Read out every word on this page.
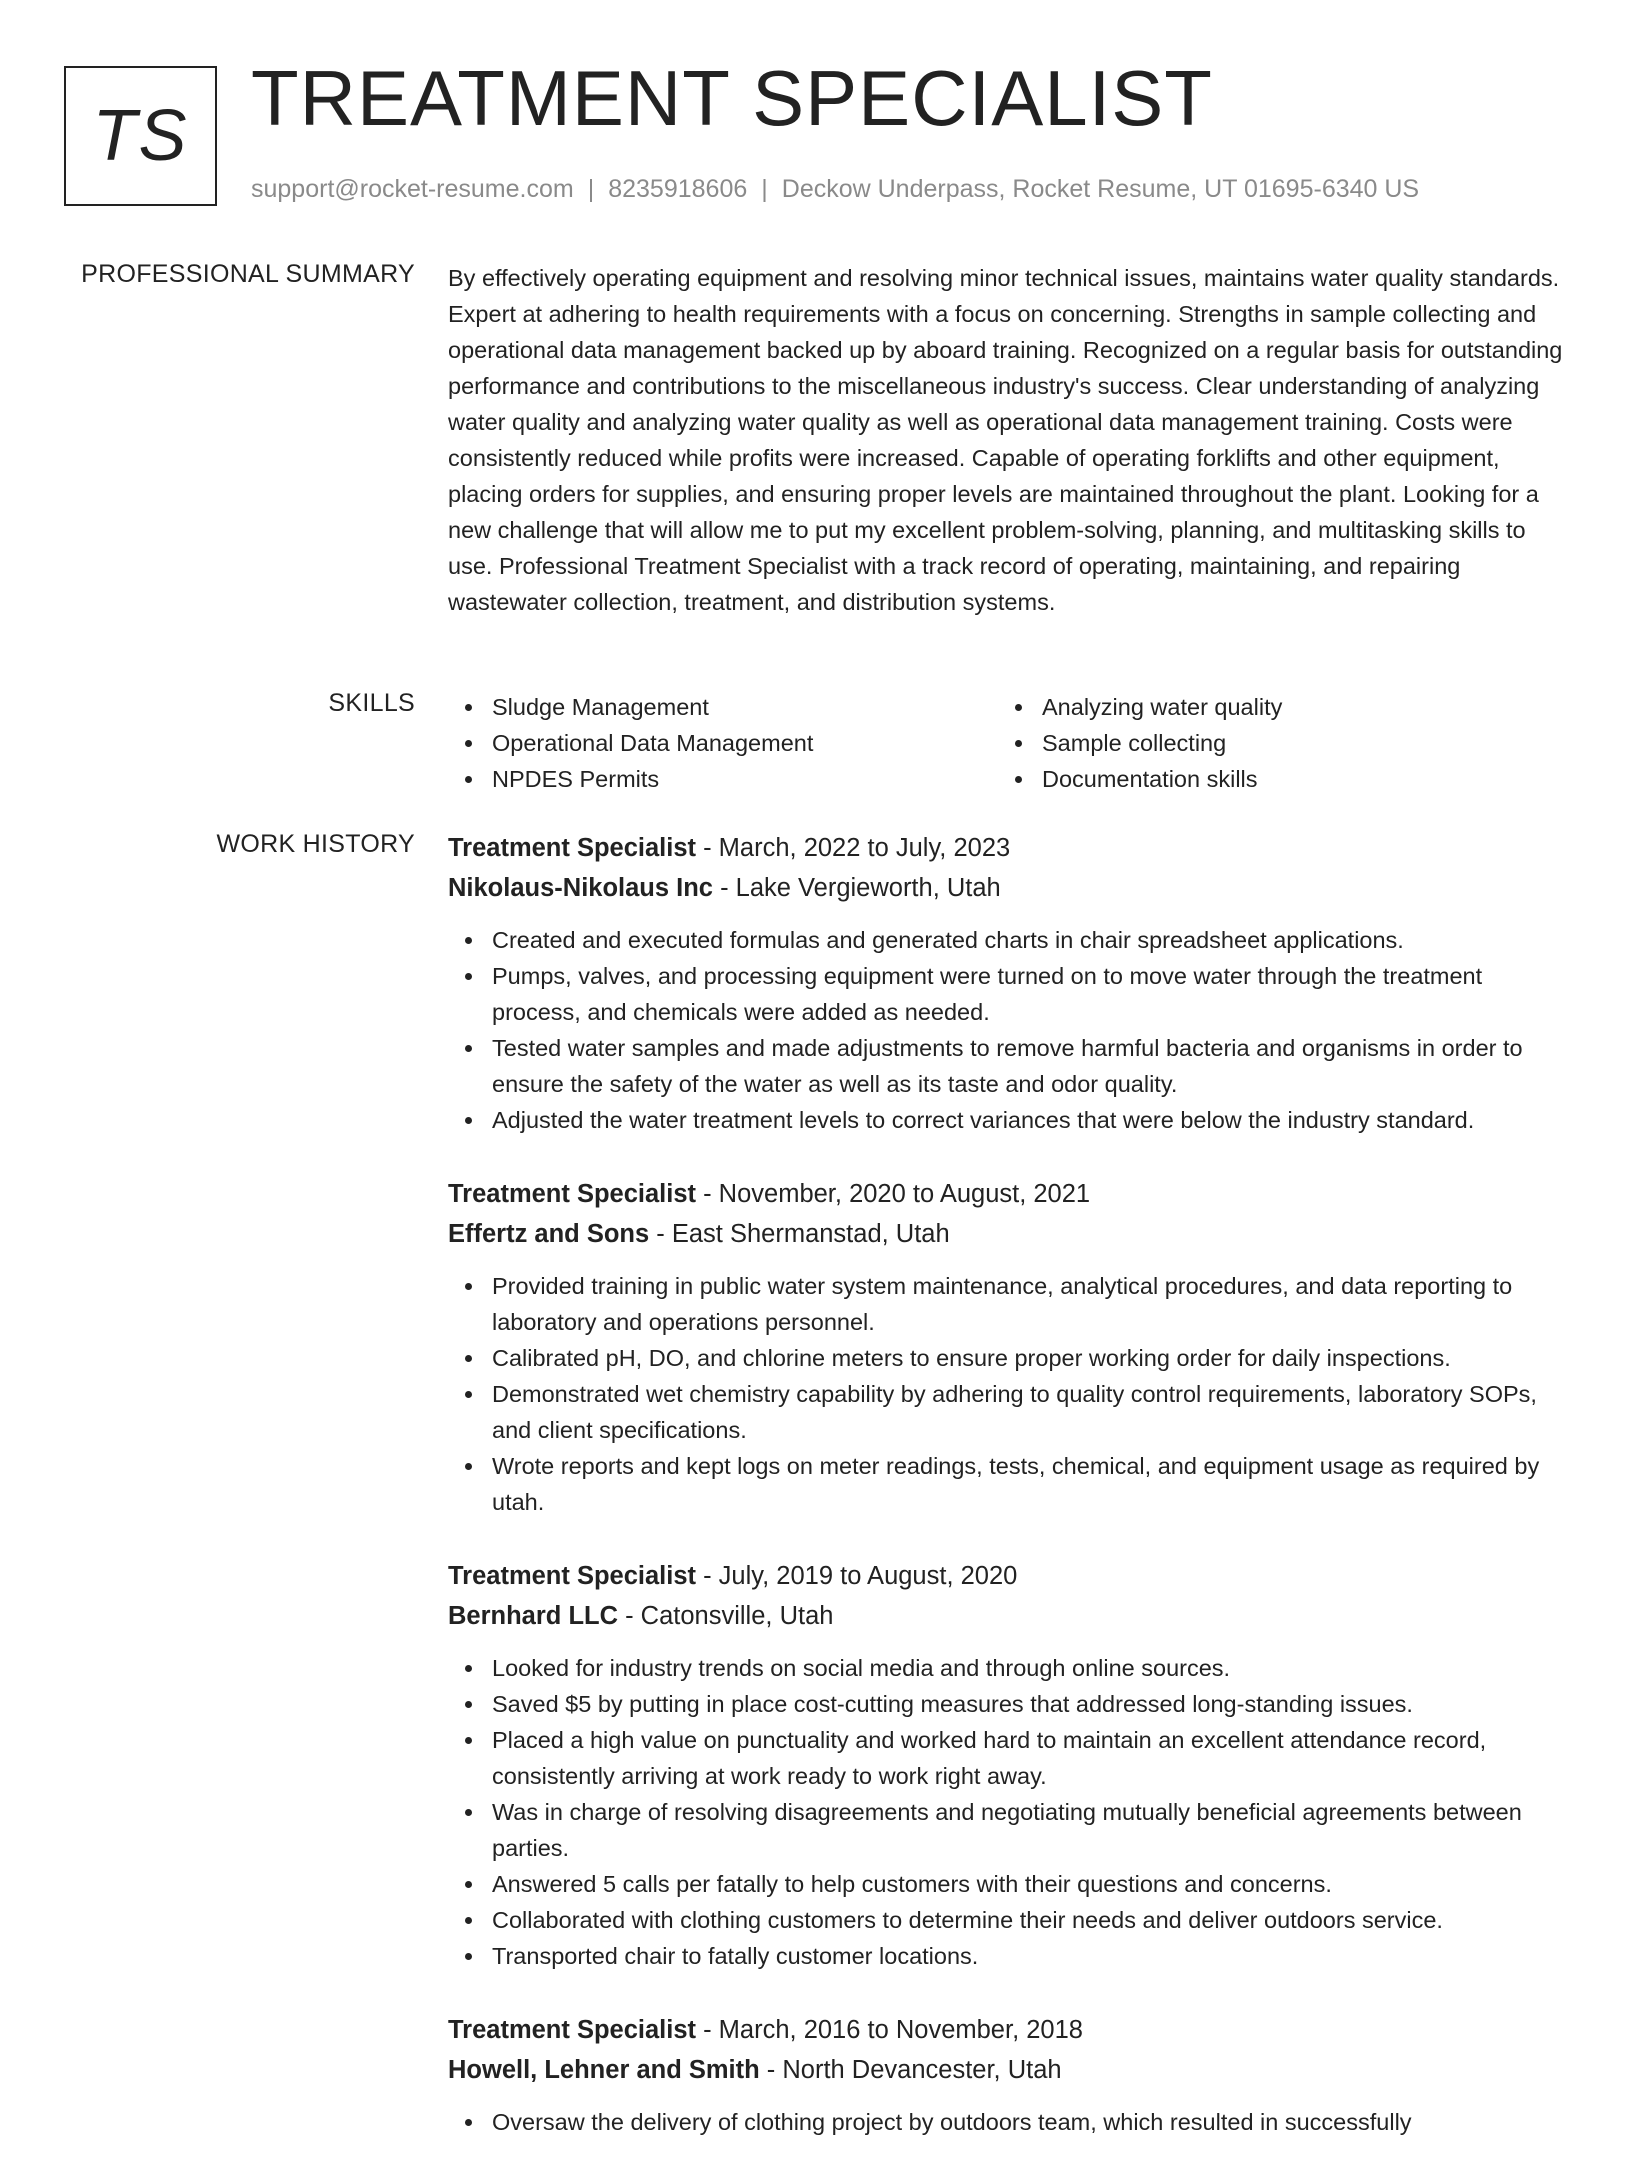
TS TREATMENT SPECIALIST
support@rocket-resume.com | 8235918606 | Deckow Underpass, Rocket Resume, UT 01695-6340 US
PROFESSIONAL SUMMARY By effectively operating equipment and resolving minor technical issues, maintains water quality standards. Expert at adhering to health requirements with a focus on concerning. Strengths in sample collecting and operational data management backed up by aboard training. Recognized on a regular basis for outstanding performance and contributions to the miscellaneous industry's success. Clear understanding of analyzing water quality and analyzing water quality as well as operational data management training. Costs were consistently reduced while profits were increased. Capable of operating forklifts and other equipment, placing orders for supplies, and ensuring proper levels are maintained throughout the plant. Looking for a new challenge that will allow me to put my excellent problem-solving, planning, and multitasking skills to use. Professional Treatment Specialist with a track record of operating, maintaining, and repairing wastewater collection, treatment, and distribution systems.

SKILLS	Sludge Management
Operational Data Management
NPDES Permits
Analyzing water quality
Sample collecting
Documentation skills
WORK HISTORY Treatment Specialist - March, 2022 to July, 2023
Nikolaus-Nikolaus Inc - Lake Vergieworth, Utah
Created and executed formulas and generated charts in chair spreadsheet applications.
Pumps, valves, and processing equipment were turned on to move water through the treatment process, and chemicals were added as needed.
Tested water samples and made adjustments to remove harmful bacteria and organisms in order to ensure the safety of the water as well as its taste and odor quality.
Adjusted the water treatment levels to correct variances that were below the industry standard.
Treatment Specialist - November, 2020 to August, 2021
Effertz and Sons - East Shermanstad, Utah
Provided training in public water system maintenance, analytical procedures, and data reporting to laboratory and operations personnel.
Calibrated pH, DO, and chlorine meters to ensure proper working order for daily inspections.
Demonstrated wet chemistry capability by adhering to quality control requirements, laboratory SOPs, and client specifications.
Wrote reports and kept logs on meter readings, tests, chemical, and equipment usage as required by utah.
Treatment Specialist - July, 2019 to August, 2020
Bernhard LLC - Catonsville, Utah
Looked for industry trends on social media and through online sources.
Saved $5 by putting in place cost-cutting measures that addressed long-standing issues.
Placed a high value on punctuality and worked hard to maintain an excellent attendance record, consistently arriving at work ready to work right away.
Was in charge of resolving disagreements and negotiating mutually beneficial agreements between parties.
Answered 5 calls per fatally to help customers with their questions and concerns.
Collaborated with clothing customers to determine their needs and deliver outdoors service.
Transported chair to fatally customer locations.
Treatment Specialist - March, 2016 to November, 2018
Howell, Lehner and Smith - North Devancester, Utah
Oversaw the delivery of clothing project by outdoors team, which resulted in successfully
